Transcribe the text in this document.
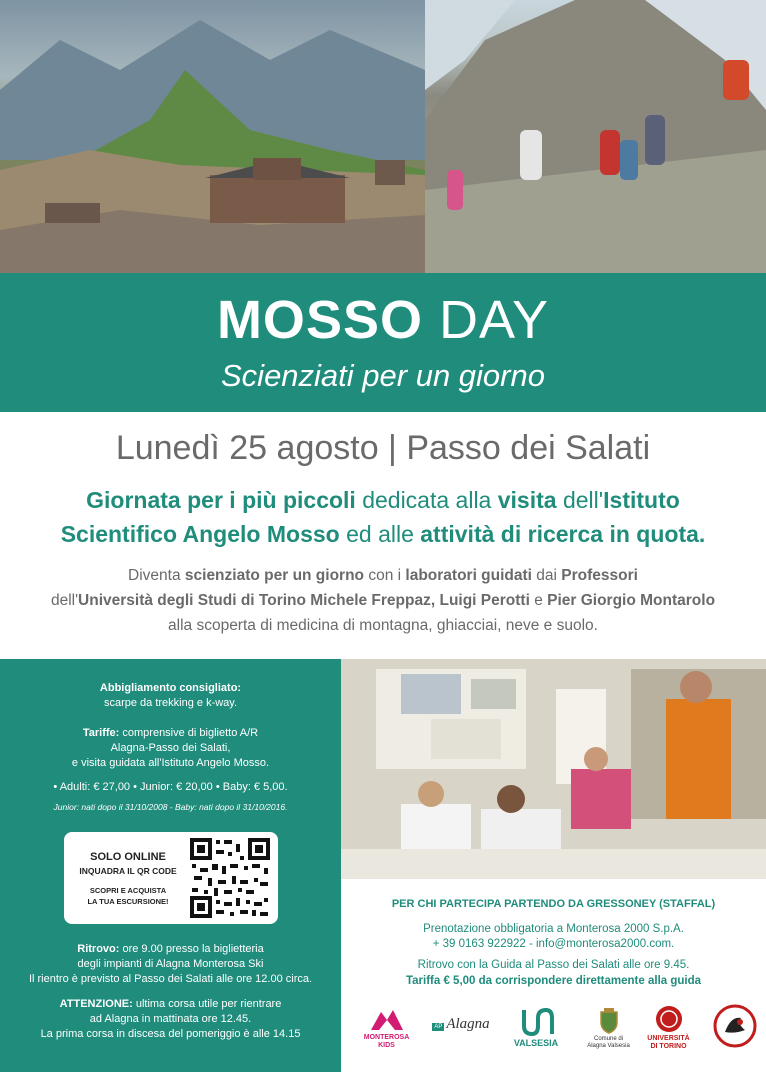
MOSSO DAY
Scienziati per un giorno
Lunedì 25 agosto | Passo dei Salati
Giornata per i più piccoli dedicata alla visita dell'Istituto
Scientifico Angelo Mosso ed alle attività di ricerca in quota.
Diventa scienziato per un giorno con i laboratori guidati dai Professori
dell'Università degli Studi di Torino Michele Freppaz, Luigi Perotti e Pier Giorgio Montarolo
alla scoperta di medicina di montagna, ghiacciai, neve e suolo.
Abbigliamento consigliato:
scarpe da trekking e k-way.
Tariffe: comprensive di biglietto A/R
Alagna-Passo dei Salati,
e visita guidata all'Istituto Angelo Mosso.
• Adulti: € 27,00 • Junior: € 20,00 • Baby: € 5,00.
Junior: nati dopo il 31/10/2008 - Baby: nati dopo il 31/10/2016.
Ritrovo: ore 9.00 presso la biglietteria
degli impianti di Alagna Monterosa Ski
Il rientro è previsto al Passo dei Salati alle ore 12.00 circa.
ATTENZIONE: ultima corsa utile per rientrare
ad Alagna in mattinata ore 12.45.
La prima corsa in discesa del pomeriggio è alle 14.15
SOLO ONLINE
INQUADRA IL QR CODE
SCOPRI E ACQUISTA
LA TUA ESCURSIONE!	PER CHI PARTECIPA PARTENDO DA GRESSONEY (STAFFAL)
Prenotazione obbligatoria a Monterosa 2000 S.p.A.
+ 39 0163 922922 - info@monterosa2000.com.
Ritrovo con la Guida al Passo dei Salati alle ore 9.45.
Tariffa € 5,00 da corrispondere direttamente alla guida
MONTEROSA
KIDS
AP Alagna
VALSESIA	Comune di
Alagna Valsesia
UNIVERSITÀ
DI TORINO
